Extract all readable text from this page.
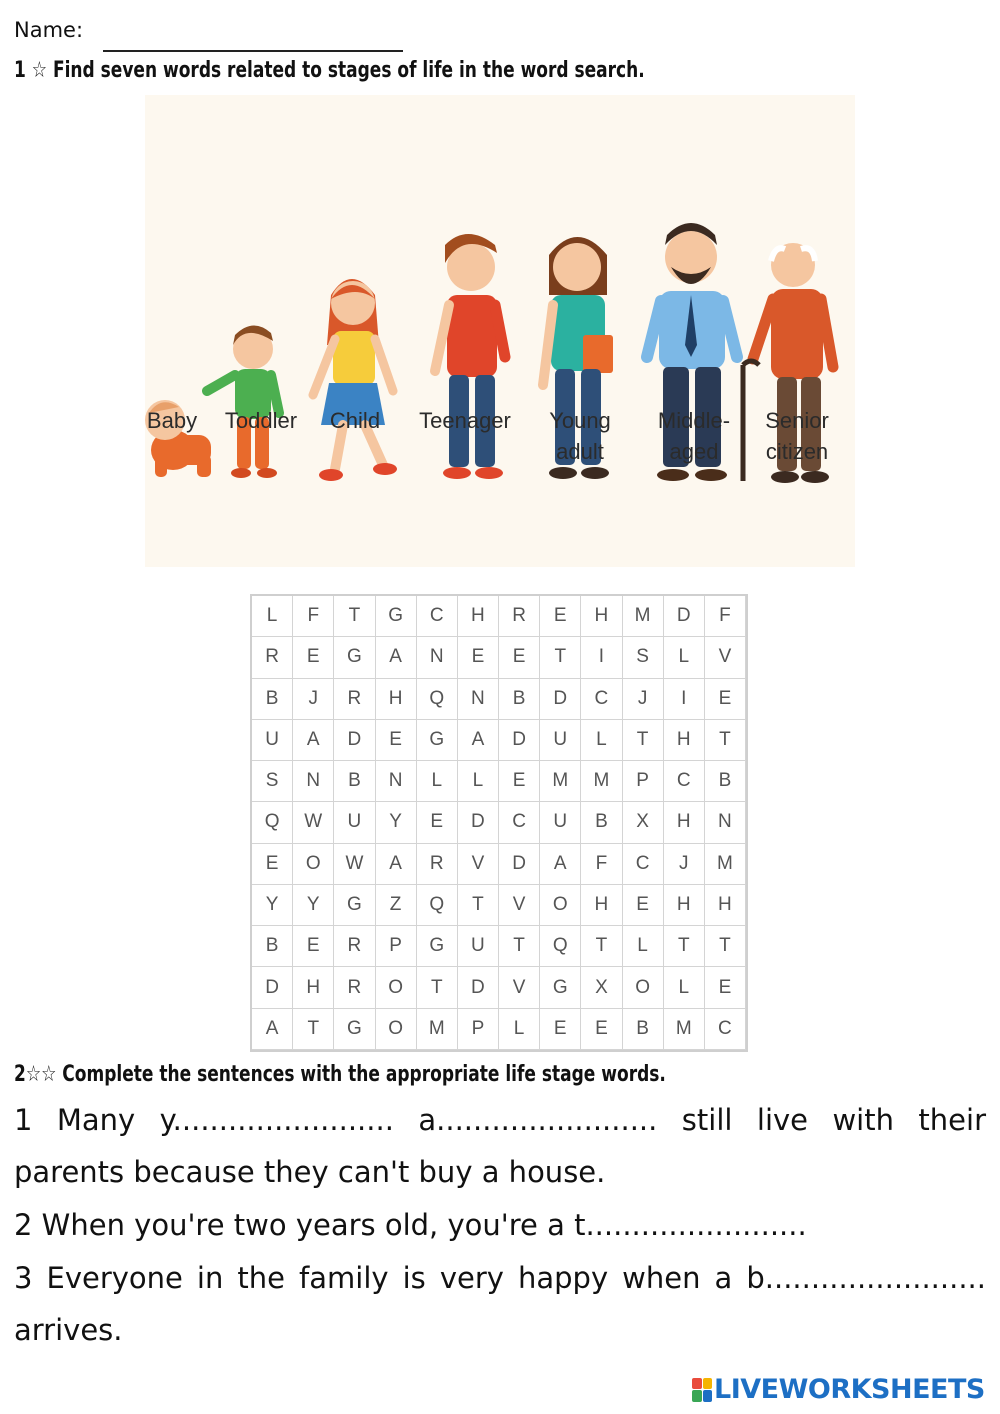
Name:
1 ☆ Find seven words related to stages of life in the word search.
Baby	Toddler	Child Teenager	Young
adult
Middle-
aged
Senior
citizen
L	F	T	G	C	H	R	E	H	M	D	F
R	E	G	A	N	E	E	T	I	S	L	V
B	J	R	H	Q	N	B	D	C	J	I	E
U	A	D	E	G	A	D	U	L	T	H	T
S	N	B	N	L	L	E	M	M	P	C	B
Q	W	U	Y	E	D	C	U	B	X	H	N
E	O	W	A	R	V	D	A	F	C	J	M
Y	Y	G	Z	Q	T	V	O	H	E	H	H
B	E	R	P	G	U	T	Q	T	L	T	T
D	H	R	O	T	D	V	G	X	O	L	E
A	T	G	O	M	P	L	E	E	B	M	C
2☆☆ Complete the sentences with the appropriate life stage words.
1 Many y........................ a........................ still live with their parents because they can't buy a house.
2 When you're two years old, you're a t........................
3 Everyone in the family is very happy when a b........................ arrives.
LIVEWORKSHEETS
